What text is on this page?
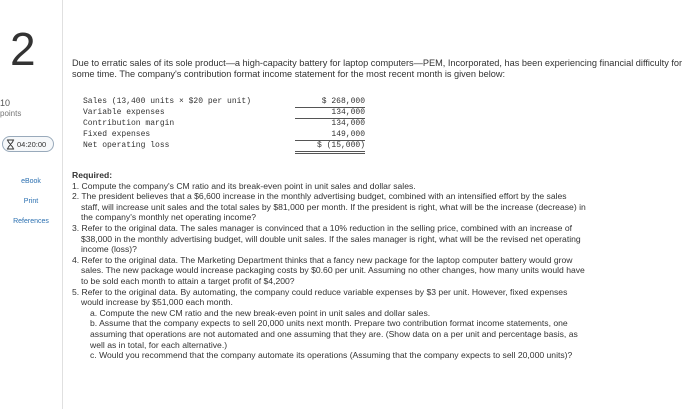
2
10
points
04:20:00
eBook
Print
References
Due to erratic sales of its sole product—a high-capacity battery for laptop computers—PEM, Incorporated, has been experiencing financial difficulty for some time. The company's contribution format income statement for the most recent month is given below:
Sales (13,400 units × $20 per unit)	$ 268,000
Variable expenses	134,000
Contribution margin	134,000
Fixed expenses	149,000
Net operating loss	$ (15,000)

Required:

1. Compute the company's CM ratio and its break-even point in unit sales and dollar sales.

2. The president believes that a $6,600 increase in the monthly advertising budget, combined with an intensified effort by the sales

staff, will increase unit sales and the total sales by $81,000 per month. If the president is right, what will be the increase (decrease) in

the company's monthly net operating income?

3. Refer to the original data. The sales manager is convinced that a 10% reduction in the selling price, combined with an increase of

$38,000 in the monthly advertising budget, will double unit sales. If the sales manager is right, what will be the revised net operating

income (loss)?

4. Refer to the original data. The Marketing Department thinks that a fancy new package for the laptop computer battery would grow

sales. The new package would increase packaging costs by $0.60 per unit. Assuming no other changes, how many units would have

to be sold each month to attain a target profit of $4,200?

5. Refer to the original data. By automating, the company could reduce variable expenses by $3 per unit. However, fixed expenses

would increase by $51,000 each month.

a. Compute the new CM ratio and the new break-even point in unit sales and dollar sales.

b. Assume that the company expects to sell 20,000 units next month. Prepare two contribution format income statements, one

assuming that operations are not automated and one assuming that they are. (Show data on a per unit and percentage basis, as

well as in total, for each alternative.)

c. Would you recommend that the company automate its operations (Assuming that the company expects to sell 20,000 units)?
